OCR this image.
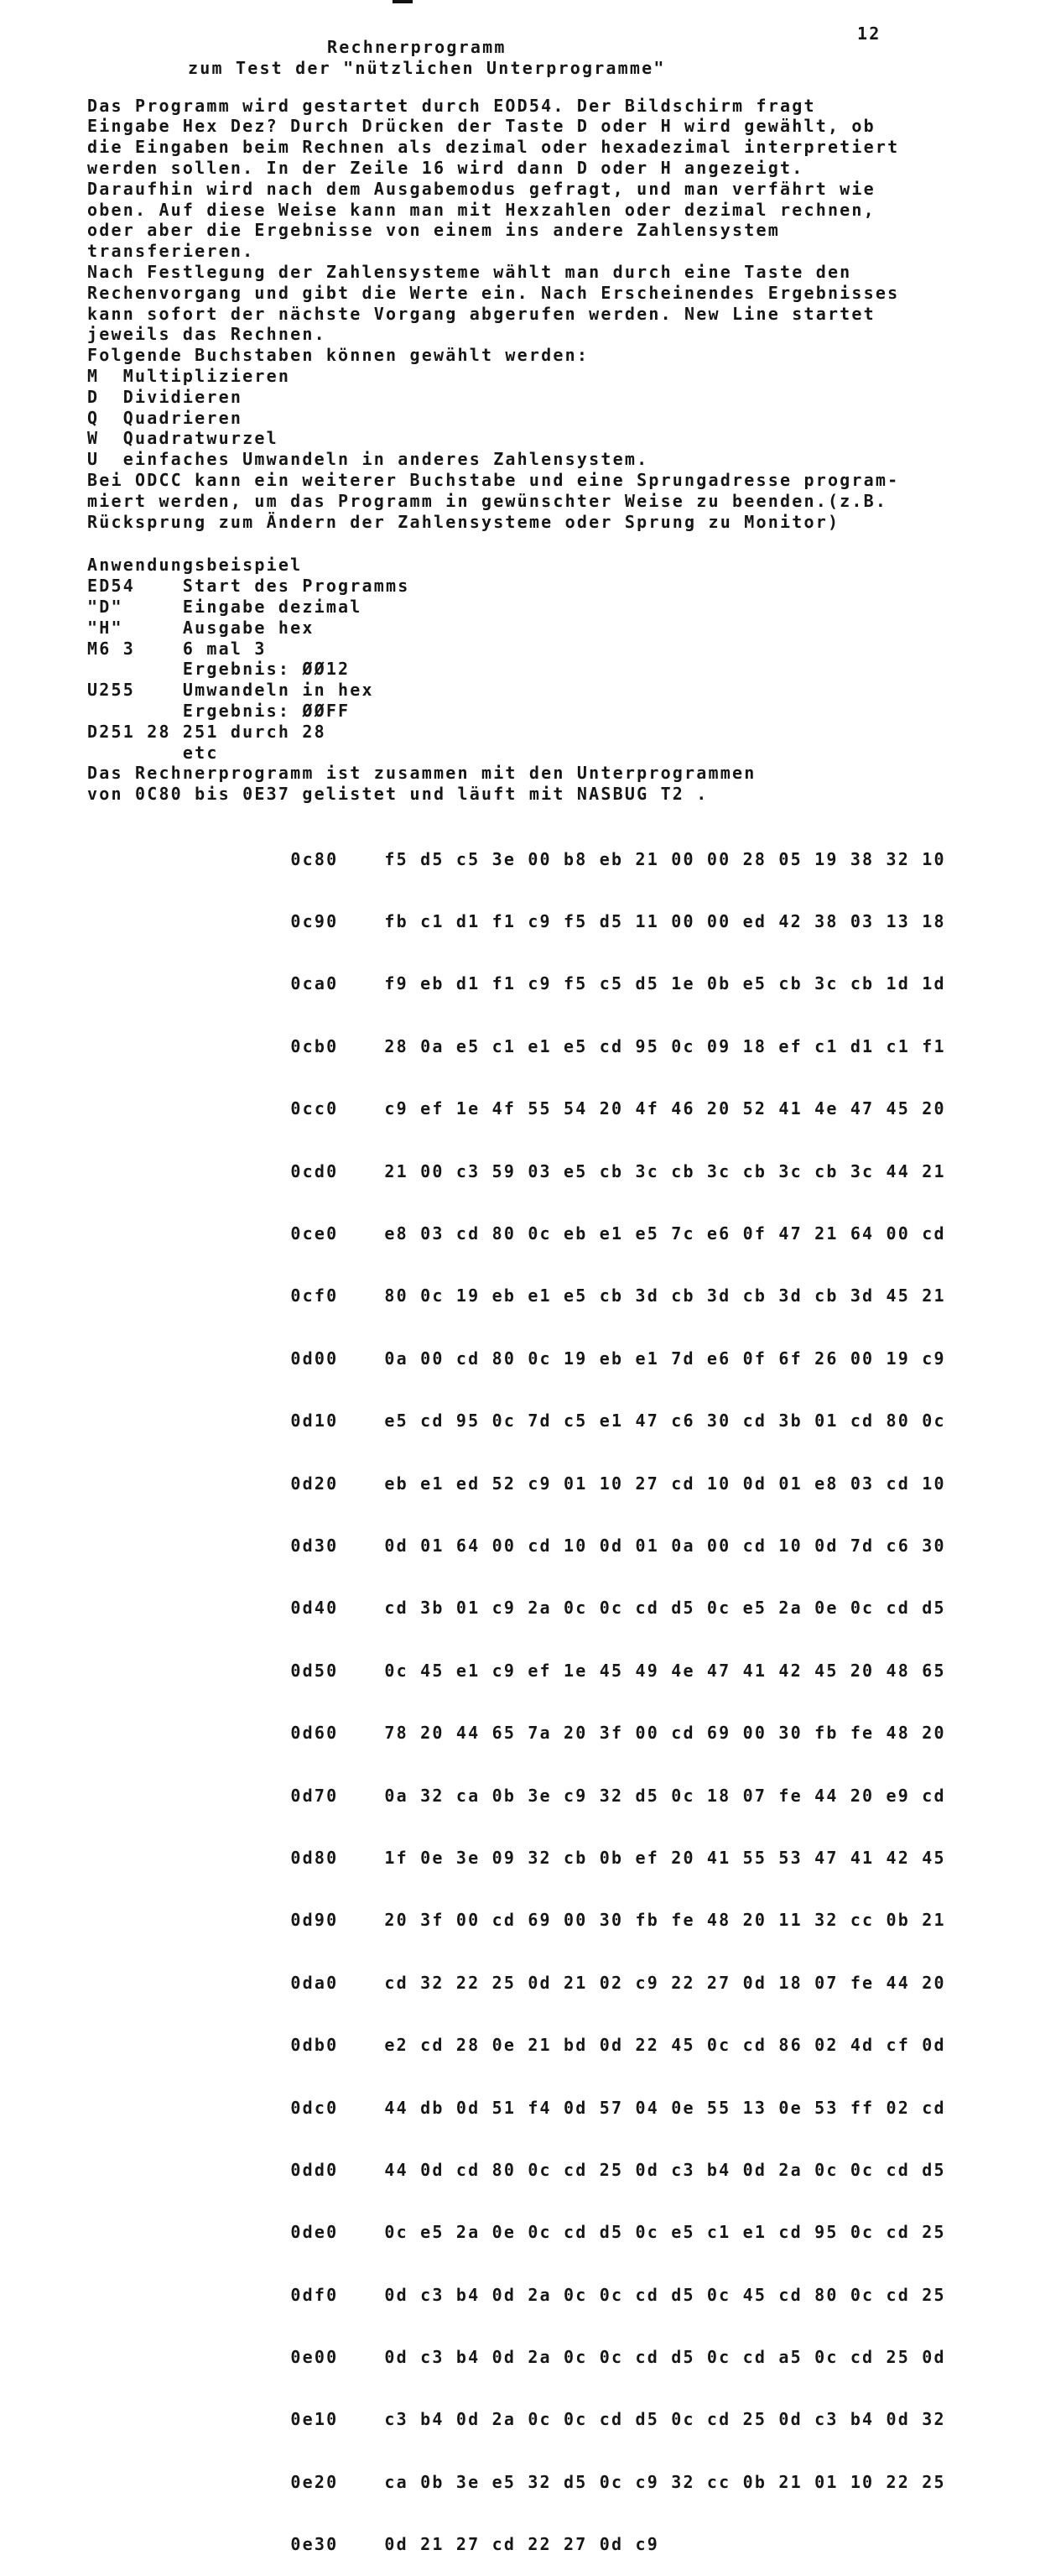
12
Rechnerprogramm
zum Test der "nützlichen Unterprogramme"
Das Programm wird gestartet durch EOD54. Der Bildschirm fragt
Eingabe Hex Dez? Durch Drücken der Taste D oder H wird gewählt, ob
die Eingaben beim Rechnen als dezimal oder hexadezimal interpretiert
werden sollen. In der Zeile 16 wird dann D oder H angezeigt.
Daraufhin wird nach dem Ausgabemodus gefragt, und man verfährt wie
oben. Auf diese Weise kann man mit Hexzahlen oder dezimal rechnen,
oder aber die Ergebnisse von einem ins andere Zahlensystem
transferieren.
Nach Festlegung der Zahlensysteme wählt man durch eine Taste den
Rechenvorgang und gibt die Werte ein. Nach Erscheinendes Ergebnisses
kann sofort der nächste Vorgang abgerufen werden. New Line startet
jeweils das Rechnen.
Folgende Buchstaben können gewählt werden:
M  Multiplizieren
D  Dividieren
Q  Quadrieren
W  Quadratwurzel
U  einfaches Umwandeln in anderes Zahlensystem.
Bei ODCC kann ein weiterer Buchstabe und eine Sprungadresse program-
miert werden, um das Programm in gewünschter Weise zu beenden.(z.B.
Rücksprung zum Ändern der Zahlensysteme oder Sprung zu Monitor)
Anwendungsbeispiel
ED54    Start des Programms
"D"     Eingabe dezimal
"H"     Ausgabe hex
M6 3    6 mal 3
Ergebnis: ØØ12
U255    Umwandeln in hex
Ergebnis: ØØFF
D251 28 251 durch 28
etc
Das Rechnerprogramm ist zusammen mit den Unterprogrammen
von 0C80 bis 0E37 gelistet und läuft mit NASBUG T2 .

0c80	f5 d5 c5 3e 00 b8 eb 21 00 00 28 05 19 38 32 10

0c90	fb c1 d1 f1 c9 f5 d5 11 00 00 ed 42 38 03 13 18

0ca0	f9 eb d1 f1 c9 f5 c5 d5 1e 0b e5 cb 3c cb 1d 1d

0cb0	28 0a e5 c1 e1 e5 cd 95 0c 09 18 ef c1 d1 c1 f1

0cc0	c9 ef 1e 4f 55 54 20 4f 46 20 52 41 4e 47 45 20

0cd0	21 00 c3 59 03 e5 cb 3c cb 3c cb 3c cb 3c 44 21

0ce0	e8 03 cd 80 0c eb e1 e5 7c e6 0f 47 21 64 00 cd

0cf0	80 0c 19 eb e1 e5 cb 3d cb 3d cb 3d cb 3d 45 21

0d00	0a 00 cd 80 0c 19 eb e1 7d e6 0f 6f 26 00 19 c9

0d10	e5 cd 95 0c 7d c5 e1 47 c6 30 cd 3b 01 cd 80 0c

0d20	eb e1 ed 52 c9 01 10 27 cd 10 0d 01 e8 03 cd 10

0d30	0d 01 64 00 cd 10 0d 01 0a 00 cd 10 0d 7d c6 30

0d40	cd 3b 01 c9 2a 0c 0c cd d5 0c e5 2a 0e 0c cd d5

0d50	0c 45 e1 c9 ef 1e 45 49 4e 47 41 42 45 20 48 65

0d60	78 20 44 65 7a 20 3f 00 cd 69 00 30 fb fe 48 20

0d70	0a 32 ca 0b 3e c9 32 d5 0c 18 07 fe 44 20 e9 cd

0d80	1f 0e 3e 09 32 cb 0b ef 20 41 55 53 47 41 42 45

0d90	20 3f 00 cd 69 00 30 fb fe 48 20 11 32 cc 0b 21

0da0	cd 32 22 25 0d 21 02 c9 22 27 0d 18 07 fe 44 20

0db0	e2 cd 28 0e 21 bd 0d 22 45 0c cd 86 02 4d cf 0d

0dc0	44 db 0d 51 f4 0d 57 04 0e 55 13 0e 53 ff 02 cd

0dd0	44 0d cd 80 0c cd 25 0d c3 b4 0d 2a 0c 0c cd d5

0de0	0c e5 2a 0e 0c cd d5 0c e5 c1 e1 cd 95 0c cd 25

0df0	0d c3 b4 0d 2a 0c 0c cd d5 0c 45 cd 80 0c cd 25

0e00	0d c3 b4 0d 2a 0c 0c cd d5 0c cd a5 0c cd 25 0d

0e10	c3 b4 0d 2a 0c 0c cd d5 0c cd 25 0d c3 b4 0d 32

0e20	ca 0b 3e e5 32 d5 0c c9 32 cc 0b 21 01 10 22 25

0e30	0d 21 27 cd 22 27 0d c9
